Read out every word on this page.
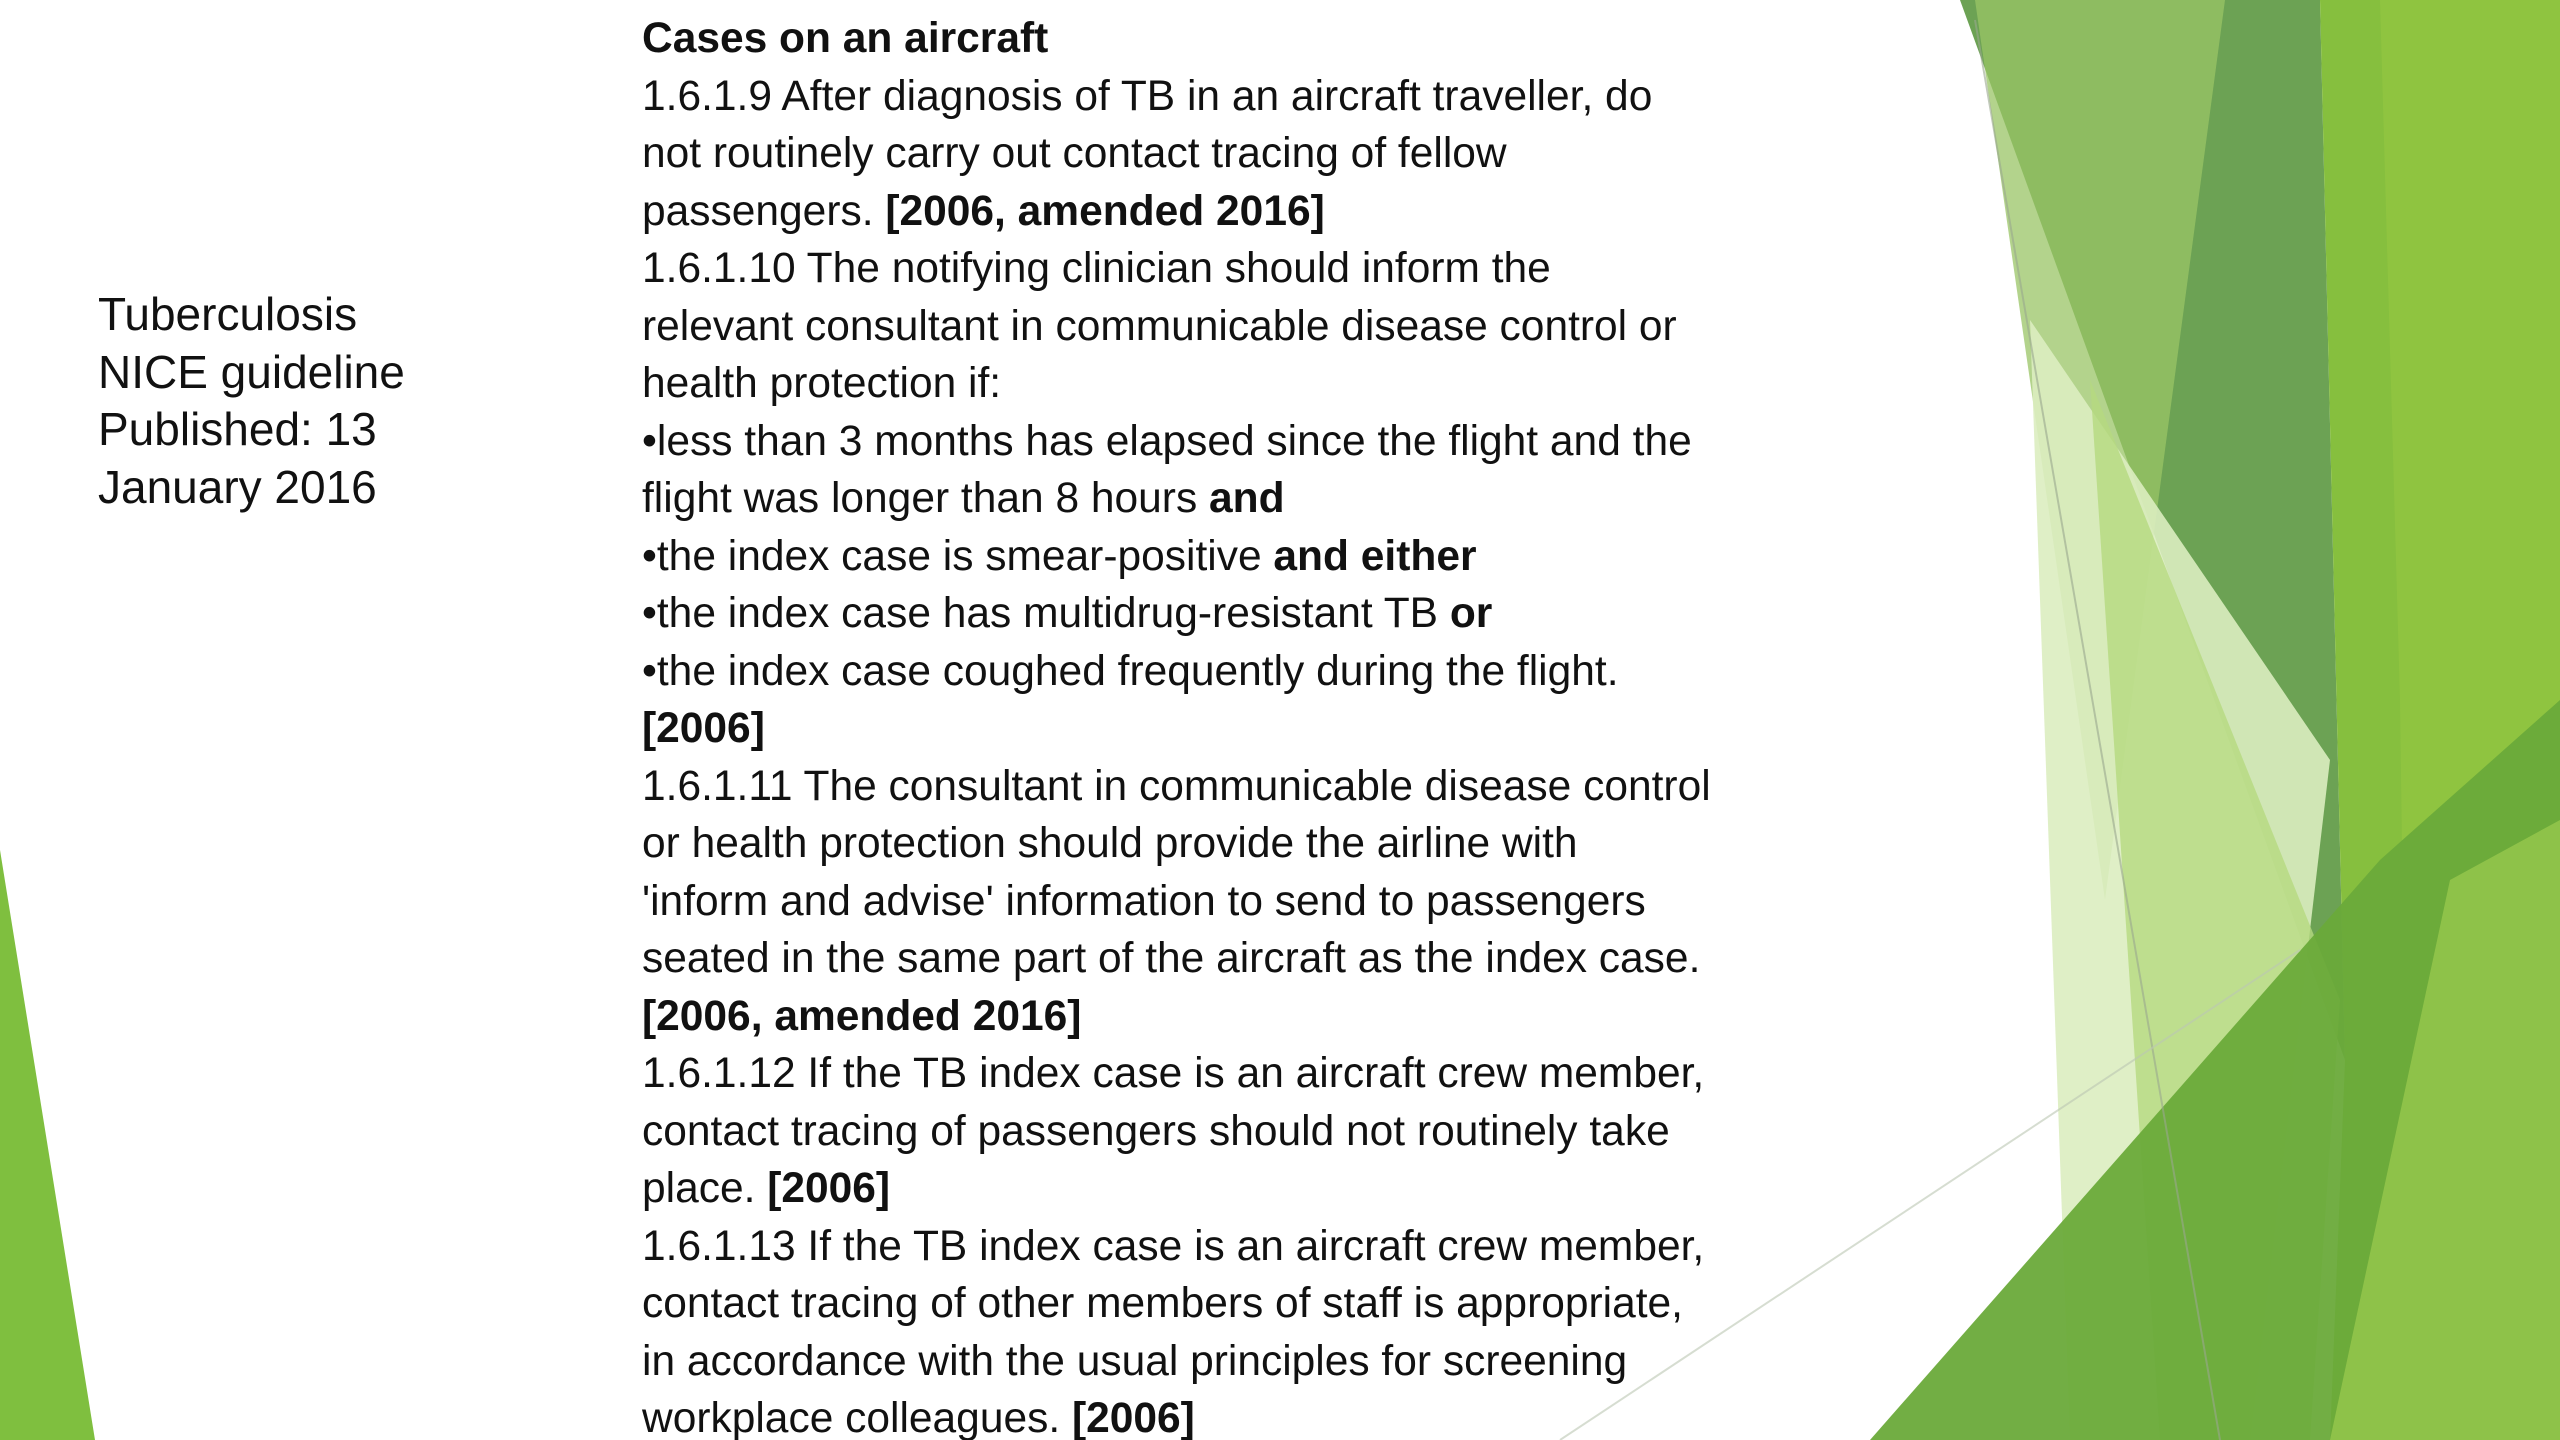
Tuberculosis
NICE guideline
Published: 13
January 2016
Cases on an aircraft
1.6.1.9 After diagnosis of TB in an aircraft traveller, do
not routinely carry out contact tracing of fellow
passengers. [2006, amended 2016]
1.6.1.10 The notifying clinician should inform the
relevant consultant in communicable disease control or
health protection if:
•less than 3 months has elapsed since the flight and the
flight was longer than 8 hours and
•the index case is smear-positive and either
•the index case has multidrug-resistant TB or
•the index case coughed frequently during the flight.
[2006]
1.6.1.11 The consultant in communicable disease control
or health protection should provide the airline with
'inform and advise' information to send to passengers
seated in the same part of the aircraft as the index case.
[2006, amended 2016]
1.6.1.12 If the TB index case is an aircraft crew member,
contact tracing of passengers should not routinely take
place. [2006]
1.6.1.13 If the TB index case is an aircraft crew member,
contact tracing of other members of staff is appropriate,
in accordance with the usual principles for screening
workplace colleagues. [2006]
